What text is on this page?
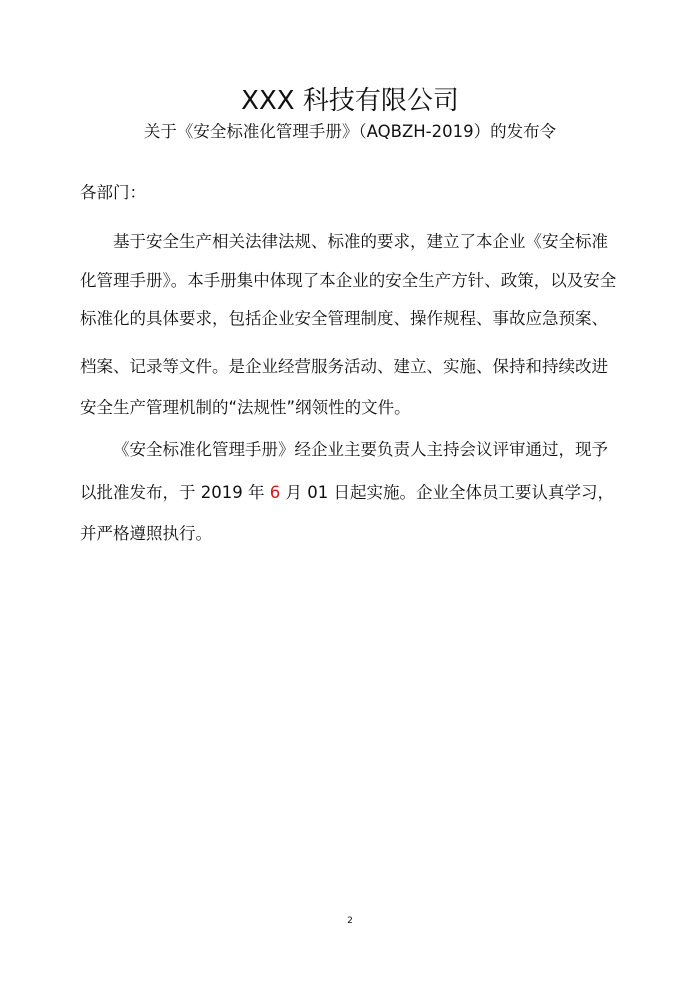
XXX 科技有限公司
关于《安全标准化管理手册》（AQBZH-2019）的发布令
各部门：
基于安全生产相关法律法规、标准的要求，建立了本企业《安全标准
化管理手册》。本手册集中体现了本企业的安全生产方针、政策，以及安全
标准化的具体要求，包括企业安全管理制度、操作规程、事故应急预案、
档案、记录等文件。是企业经营服务活动、建立、实施、保持和持续改进
安全生产管理机制的“法规性”纲领性的文件。
《安全标准化管理手册》经企业主要负责人主持会议评审通过，现予
以批准发布，于 2019 年 6 月 01 日起实施。企业全体员工要认真学习，
并严格遵照执行。
2
